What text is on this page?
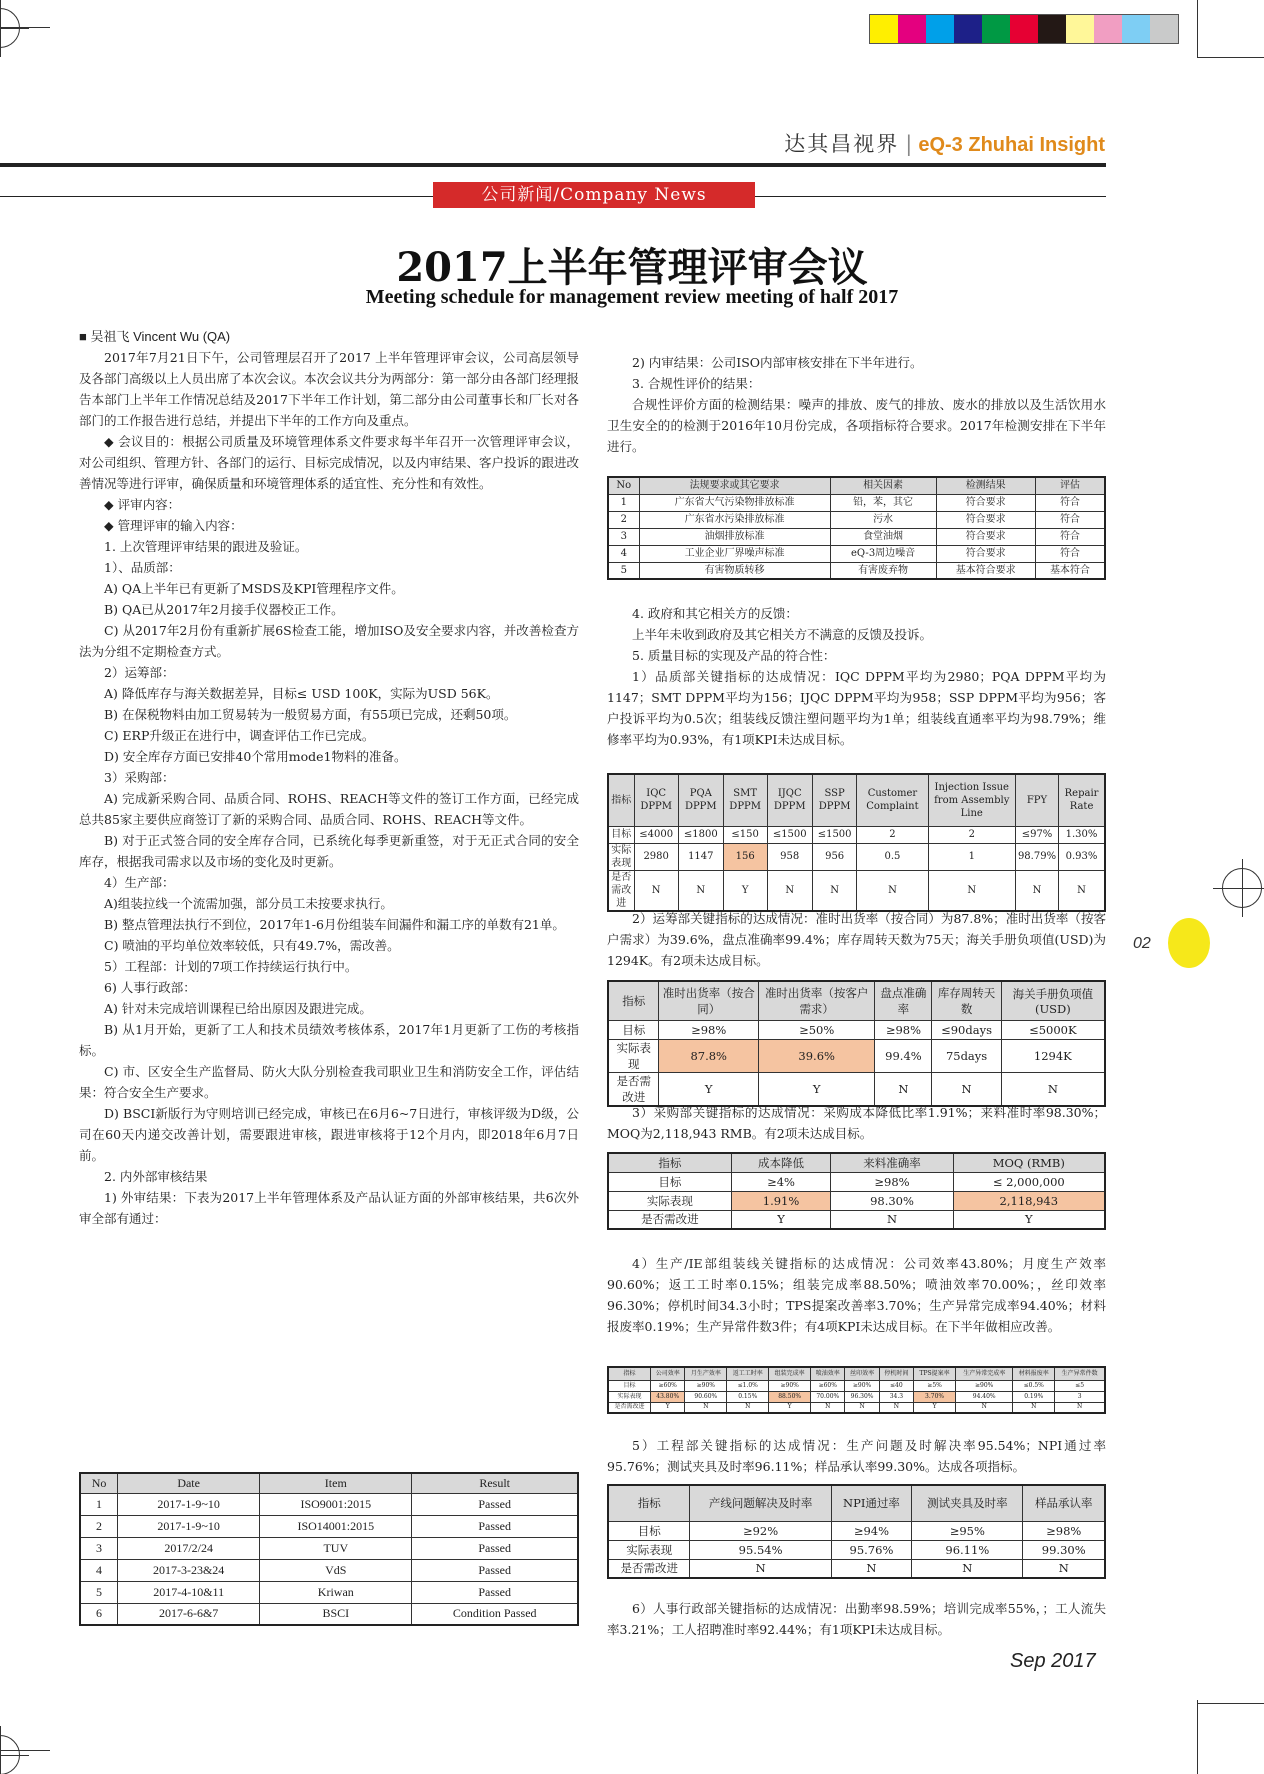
达其昌视界 | eQ-3 Zhuhai Insight
公司新闻/Company News
2017上半年管理评审会议
Meeting schedule for management review meeting of half 2017

■ 吴祖飞 Vincent Wu (QA)

2017年7月21日下午，公司管理层召开了2017 上半年管理评审会议，公司高层领导及各部门高级以上人员出席了本次会议。本次会议共分为两部分：第一部分由各部门经理报告本部门上半年工作情况总结及2017下半年工作计划，第二部分由公司董事长和厂长对各部门的工作报告进行总结，并提出下半年的工作方向及重点。

◆ 会议目的：根据公司质量及环境管理体系文件要求每半年召开一次管理评审会议，对公司组织、管理方针、各部门的运行、目标完成情况，以及内审结果、客户投诉的跟进改善情况等进行评审，确保质量和环境管理体系的适宜性、充分性和有效性。

◆ 评审内容：

◆ 管理评审的输入内容：

1. 上次管理评审结果的跟进及验证。

1）、品质部：

A) QA上半年已有更新了MSDS及KPI管理程序文件。

B) QA已从2017年2月接手仪器校正工作。

C) 从2017年2月份有重新扩展6S检查工能，增加ISO及安全要求内容，并改善检查方法为分组不定期检查方式。

2）运筹部：

A) 降低库存与海关数据差异，目标≤ USD 100K，实际为USD 56K。

B) 在保税物料由加工贸易转为一般贸易方面，有55项已完成，还剩50项。

C) ERP升级正在进行中，调查评估工作已完成。

D) 安全库存方面已安排40个常用mode1物料的准备。

3）采购部：

A) 完成新采购合同、品质合同、ROHS、REACH等文件的签订工作方面，已经完成总共85家主要供应商签订了新的采购合同、品质合同、ROHS、REACH等文件。

B) 对于正式签合同的安全库存合同，已系统化每季更新重签，对于无正式合同的安全库存，根据我司需求以及市场的变化及时更新。

4）生产部：

A)组装拉线一个流需加强，部分员工未按要求执行。

B) 整点管理法执行不到位，2017年1-6月份组装车间漏件和漏工序的单数有21单。

C) 喷油的平均单位效率较低，只有49.7%，需改善。

5）工程部：计划的7项工作持续运行执行中。

6) 人事行政部：

A) 针对未完成培训课程已给出原因及跟进完成。

B) 从1月开始，更新了工人和技术员绩效考核体系，2017年1月更新了工伤的考核指标。

C) 市、区安全生产监督局、防火大队分别检查我司职业卫生和消防安全工作，评估结果：符合安全生产要求。

D) BSCI新版行为守则培训已经完成，审核已在6月6~7日进行，审核评级为D级，公司在60天内递交改善计划，需要跟进审核，跟进审核将于12个月内，即2018年6月7日前。

2. 内外部审核结果

1) 外审结果：下表为2017上半年管理体系及产品认证方面的外部审核结果，共6次外审全部有通过：

No	Date	Item	Result
1	2017-1-9~10	ISO9001:2015	Passed
2	2017-1-9~10	ISO14001:2015	Passed
3	2017/2/24	TUV	Passed
4	2017-3-23&24	VdS	Passed
5	2017-4-10&11	Kriwan	Passed
6	2017-6-6&7	BSCI	Condition Passed

2) 内审结果：公司ISO内部审核安排在下半年进行。

3. 合规性评价的结果：

合规性评价方面的检测结果：噪声的排放、废气的排放、废水的排放以及生活饮用水卫生安全的的检测于2016年10月份完成，各项指标符合要求。2017年检测安排在下半年进行。

No	法规要求或其它要求	相关因素	检测结果	评估
1	广东省大气污染物排放标准	铅，苯，其它	符合要求	符合
2	广东省水污染排放标准	污水	符合要求	符合
3	油烟排放标准	食堂油烟	符合要求	符合
4	工业企业厂界噪声标准	eQ-3周边噪音	符合要求	符合
5	有害物质转移	有害废弃物	基本符合要求	基本符合

4. 政府和其它相关方的反馈：

上半年未收到政府及其它相关方不满意的反馈及投诉。

5. 质量目标的实现及产品的符合性：

1）品质部关键指标的达成情况：IQC DPPM平均为2980；PQA DPPM平均为1147；SMT DPPM平均为156；IJQC DPPM平均为958；SSP DPPM平均为956；客户投诉平均为0.5次；组装线反馈注塑问题平均为1单；组装线直通率平均为98.79%；维修率平均为0.93%，有1项KPI未达成目标。

指标	IQC DPPM	PQA DPPM	SMT DPPM	IJQC DPPM	SSP DPPM	Customer Complaint	Injection Issue from Assembly Line	FPY	Repair Rate
目标	≤4000	≤1800	≤150	≤1500	≤1500	2	2	≤97%	1.30%
实际表现	2980	1147	156	958	956	0.5	1	98.79%	0.93%
是否需改进	N	N	Y	N	N	N	N	N	N

2）运筹部关键指标的达成情况：准时出货率（按合同）为87.8%；准时出货率（按客户需求）为39.6%，盘点准确率99.4%；库存周转天数为75天；海关手册负项值(USD)为1294K。有2项未达成目标。

指标	准时出货率（按合同）	准时出货率（按客户需求）	盘点准确率	库存周转天数	海关手册负项值(USD)
目标	≥98%	≥50%	≥98%	≤90days	≤5000K
实际表现	87.8%	39.6%	99.4%	75days	1294K
是否需改进	Y	Y	N	N	N

3）采购部关键指标的达成情况：采购成本降低比率1.91%；来料准时率98.30%；MOQ为2,118,943 RMB。有2项未达成目标。

指标	成本降低	来料准确率	MOQ (RMB)
目标	≥4%	≥98%	≤ 2,000,000
实际表现	1.91%	98.30%	2,118,943
是否需改进	Y	N	Y

4）生产/IE部组装线关键指标的达成情况：公司效率43.80%；月度生产效率90.60%；返工工时率0.15%；组装完成率88.50%；喷油效率70.00%；，丝印效率96.30%；停机时间34.3小时；TPS提案改善率3.70%；生产异常完成率94.40%；材料报废率0.19%；生产异常件数3件；有4项KPI未达成目标。在下半年做相应改善。

指标	公司效率	月生产效率	返工工时率	组装完成率	喷油效率	丝印效率	停机时间	TPS提案率	生产异常完成率	材料报废率	生产异常件数
目标	≥60%	≥90%	≤1.0%	≥90%	≥60%	≥90%	≤40	≥5%	≥90%	≤0.5%	≤5
实际表现	43.80%	90.60%	0.15%	88.50%	70.00%	96.30%	34.3	3.70%	94.40%	0.19%	3
是否需改进	Y	N	N	Y	N	N	N	Y	N	N	N

5）工程部关键指标的达成情况：生产问题及时解决率95.54%；NPI通过率95.76%；测试夹具及时率96.11%；样品承认率99.30%。达成各项指标。

指标	产线问题解决及时率	NPI通过率	测试夹具及时率	样品承认率
目标	≥92%	≥94%	≥95%	≥98%
实际表现	95.54%	95.76%	96.11%	99.30%
是否需改进	N	N	N	N

6）人事行政部关键指标的达成情况：出勤率98.59%；培训完成率55%，；工人流失率3.21%；工人招聘准时率92.44%；有1项KPI未达成目标。

02
Sep 2017
